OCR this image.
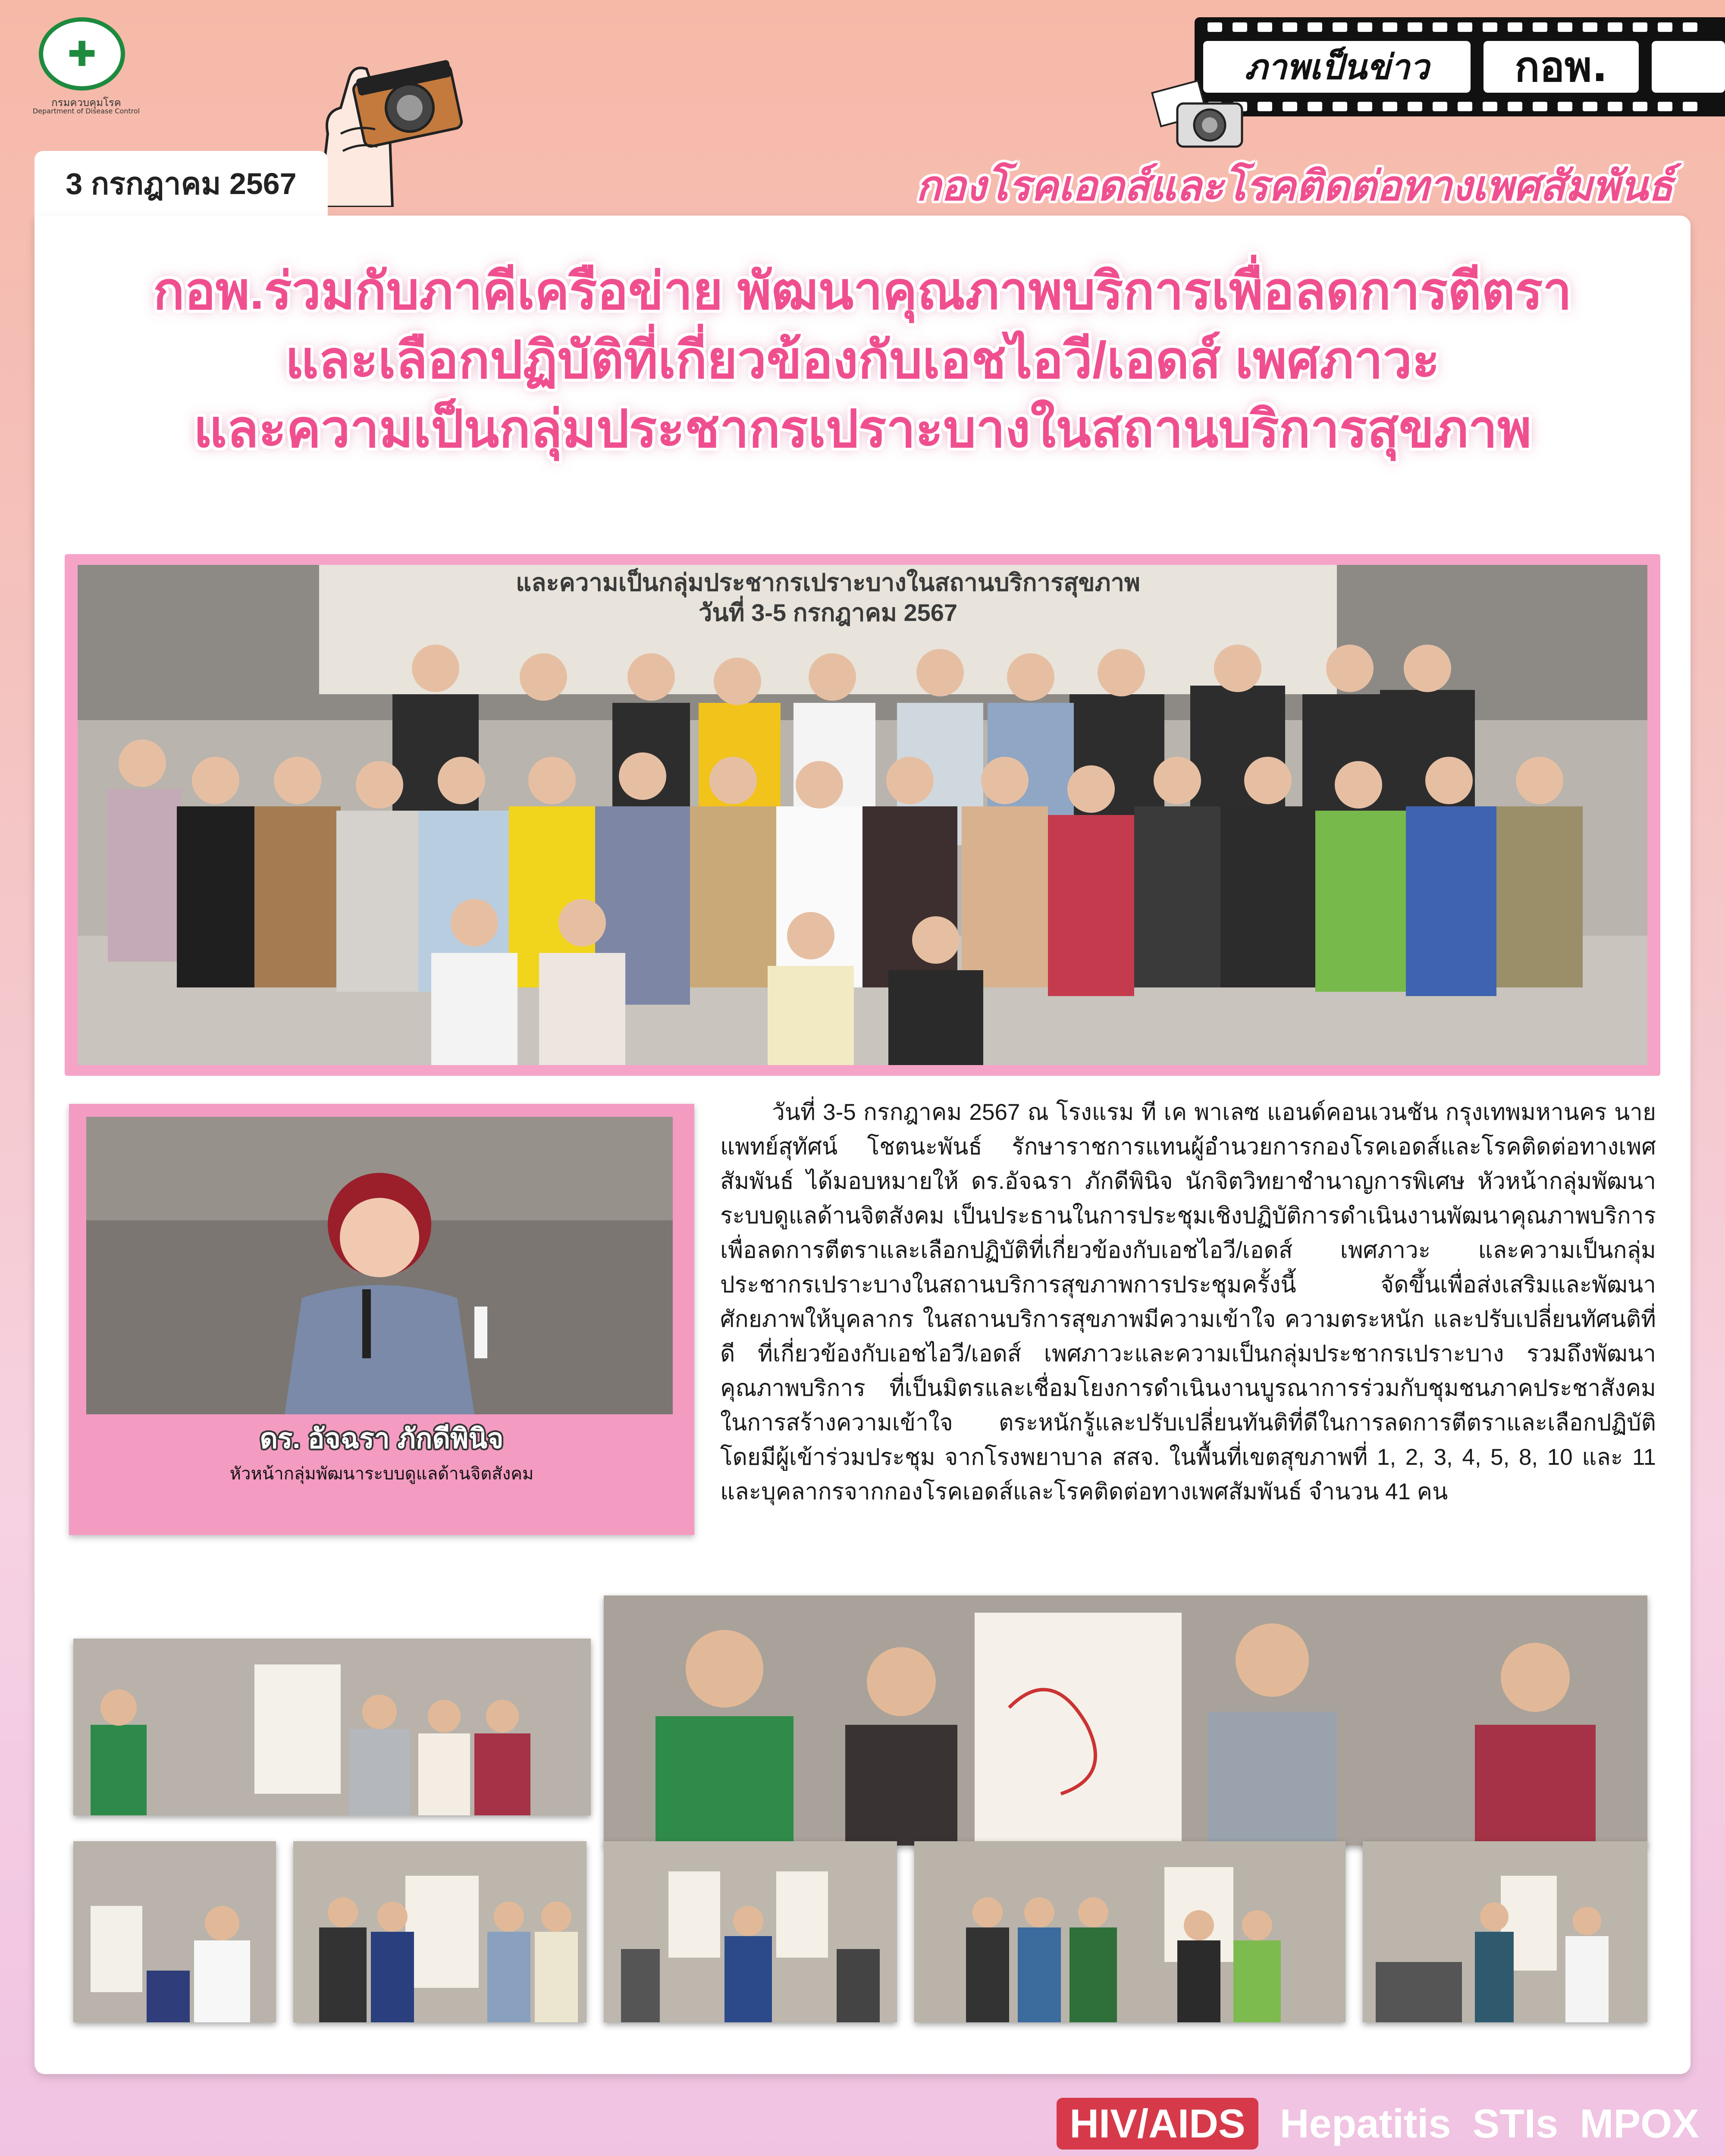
✚
กรมควบคุมโรค
Department of Disease Control
3 กรกฎาคม 2567
ภาพเป็นข่าว	กอพ.
กองโรคเอดส์และโรคติดต่อทางเพศสัมพันธ์
กอพ.ร่วมกับภาคีเครือข่าย พัฒนาคุณภาพบริการเพื่อลดการตีตรา
และเลือกปฏิบัติที่เกี่ยวข้องกับเอชไอวี/เอดส์ เพศภาวะ
และความเป็นกลุ่มประชากรเปราะบางในสถานบริการสุขภาพ
และความเป็นกลุ่มประชากรเปราะบางในสถานบริการสุขภาพ
วันที่ 3-5 กรกฎาคม 2567
ดร. อัจฉรา ภักดีพินิจ
หัวหน้ากลุ่มพัฒนาระบบดูแลด้านจิตสังคม

วันที่ 3-5 กรกฎาคม 2567 ณ โรงแรม ที เค พาเลซ แอนด์คอนเวนชัน กรุงเทพมหานคร นายแพทย์สุทัศน์ โชตนะพันธ์ รักษาราชการแทนผู้อำนวยการกองโรคเอดส์และโรคติดต่อทางเพศสัมพันธ์ ได้มอบหมายให้ ดร.อัจฉรา ภักดีพินิจ นักจิตวิทยาชำนาญการพิเศษ หัวหน้ากลุ่มพัฒนาระบบดูแลด้านจิตสังคม เป็นประธานในการประชุมเชิงปฏิบัติการดำเนินงานพัฒนาคุณภาพบริการเพื่อลดการตีตราและเลือกปฏิบัติที่เกี่ยวข้องกับเอชไอวี/เอดส์ เพศภาวะ และความเป็นกลุ่มประชากรเปราะบางในสถานบริการสุขภาพการประชุมครั้งนี้ จัดขึ้นเพื่อส่งเสริมและพัฒนาศักยภาพให้บุคลากร ในสถานบริการสุขภาพมีความเข้าใจ ความตระหนัก และปรับเปลี่ยนทัศนติที่ดี ที่เกี่ยวข้องกับเอชไอวี/เอดส์ เพศภาวะและความเป็นกลุ่มประชากรเปราะบาง รวมถึงพัฒนาคุณภาพบริการ ที่เป็นมิตรและเชื่อมโยงการดำเนินงานบูรณาการร่วมกับชุมชนภาคประชาสังคม ในการสร้างความเข้าใจ ตระหนักรู้และปรับเปลี่ยนทันติที่ดีในการลดการตีตราและเลือกปฏิบัติ โดยมีผู้เข้าร่วมประชุม จากโรงพยาบาล สสจ. ในพื้นที่เขตสุขภาพที่ 1, 2, 3, 4, 5, 8, 10 และ 11 และบุคลากรจากกองโรคเอดส์และโรคติดต่อทางเพศสัมพันธ์ จำนวน 41 คน

HIV/AIDS Hepatitis STIs MPOX
